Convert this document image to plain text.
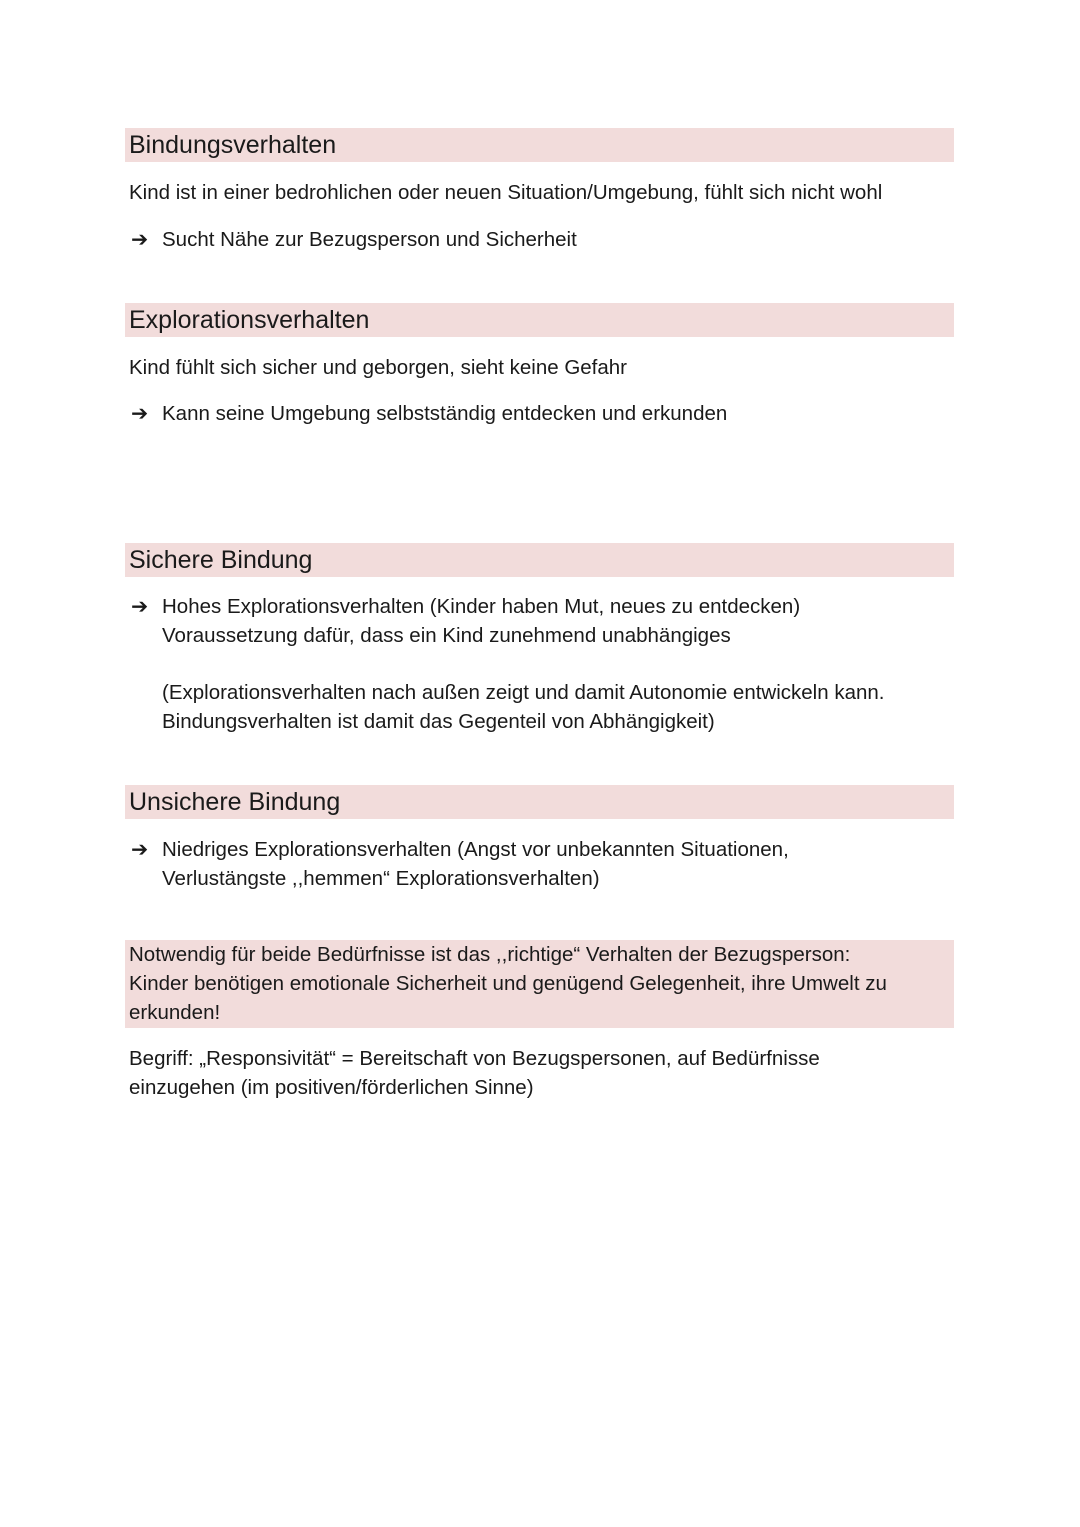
Bindungsverhalten
Kind ist in einer bedrohlichen oder neuen Situation/Umgebung, fühlt sich nicht wohl
➔ Sucht Nähe zur Bezugsperson und Sicherheit
Explorationsverhalten
Kind fühlt sich sicher und geborgen, sieht keine Gefahr
➔ Kann seine Umgebung selbstständig entdecken und erkunden
Sichere Bindung
➔ Hohes Explorationsverhalten (Kinder haben Mut, neues zu entdecken)
Voraussetzung dafür, dass ein Kind zunehmend unabhängiges
(Explorationsverhalten nach außen zeigt und damit Autonomie entwickeln kann.
Bindungsverhalten ist damit das Gegenteil von Abhängigkeit)
Unsichere Bindung
➔ Niedriges Explorationsverhalten (Angst vor unbekannten Situationen,
Verlustängste ,,hemmen“ Explorationsverhalten)
Notwendig für beide Bedürfnisse ist das ,,richtige“ Verhalten der Bezugsperson:
Kinder benötigen emotionale Sicherheit und genügend Gelegenheit, ihre Umwelt zu
erkunden!
Begriff: „Responsivität“ = Bereitschaft von Bezugspersonen, auf Bedürfnisse
einzugehen (im positiven/förderlichen Sinne)
